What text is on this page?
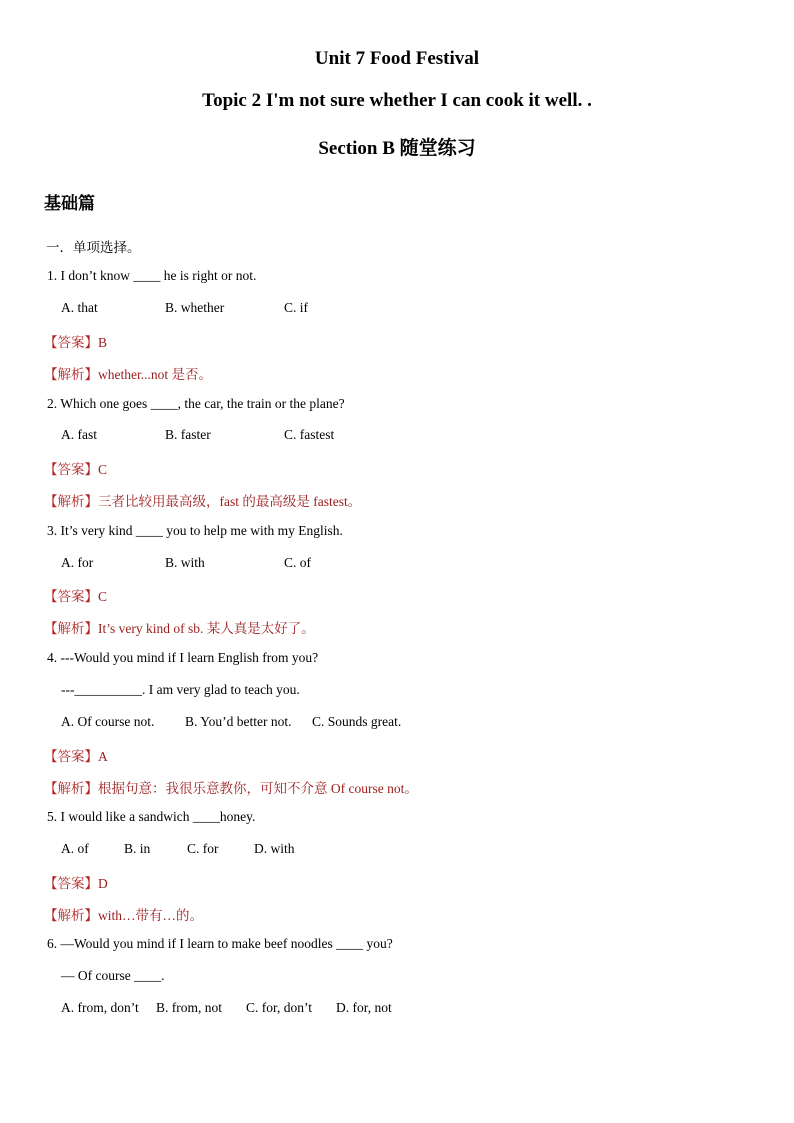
Unit 7 Food Festival
Topic 2 I'm not sure whether I can cook it well. .
Section B 随堂练习
基础篇
一．单项选择。
1. I don’t know ____ he is right or not.
A. that	B. whether	C. if
【答案】B
【解析】whether...not 是否。
2. Which one goes ____, the car, the train or the plane?
A. fast	B. faster	C. fastest
【答案】C
【解析】三者比较用最高级，fast 的最高级是 fastest。
3. It’s very kind ____ you to help me with my English.
A. for	B. with	C. of
【答案】C
【解析】It’s very kind of sb. 某人真是太好了。
4. ---Would you mind if I learn English from you?
---__________. I am very glad to teach you.
A. Of course not. B. You’d better not. C. Sounds great.
【答案】A
【解析】根据句意：我很乐意教你，可知不介意 Of course not。
5. I would like a sandwich ____honey.
A. of	B. in	C. for	D. with
【答案】D
【解析】with…带有…的。
6. —Would you mind if I learn to make beef noodles ____ you?
— Of course ____.
A. from, don’t B. from, not C. for, don’t D. for, not
